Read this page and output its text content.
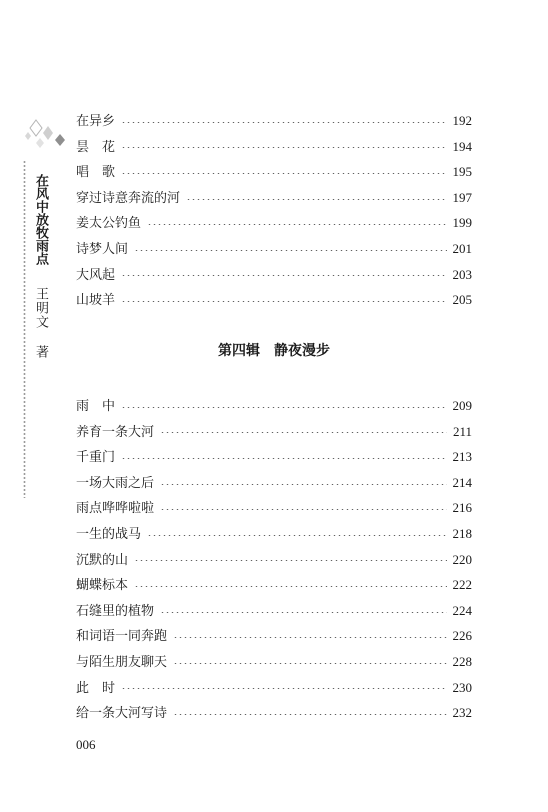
在风中放牧雨点
王明文 著
在异乡	192
昙　花	194
唱　歌	195
穿过诗意奔流的河	197
姜太公钓鱼	199
诗梦人间	201
大风起	203
山坡羊	205
第四辑　静夜漫步
雨　中	209
养育一条大河	211
千重门	213
一场大雨之后	214
雨点哗哗啦啦	216
一生的战马	218
沉默的山	220
蝴蝶标本	222
石缝里的植物	224
和词语一同奔跑	226
与陌生朋友聊天	228
此　时	230
给一条大河写诗	232
006
